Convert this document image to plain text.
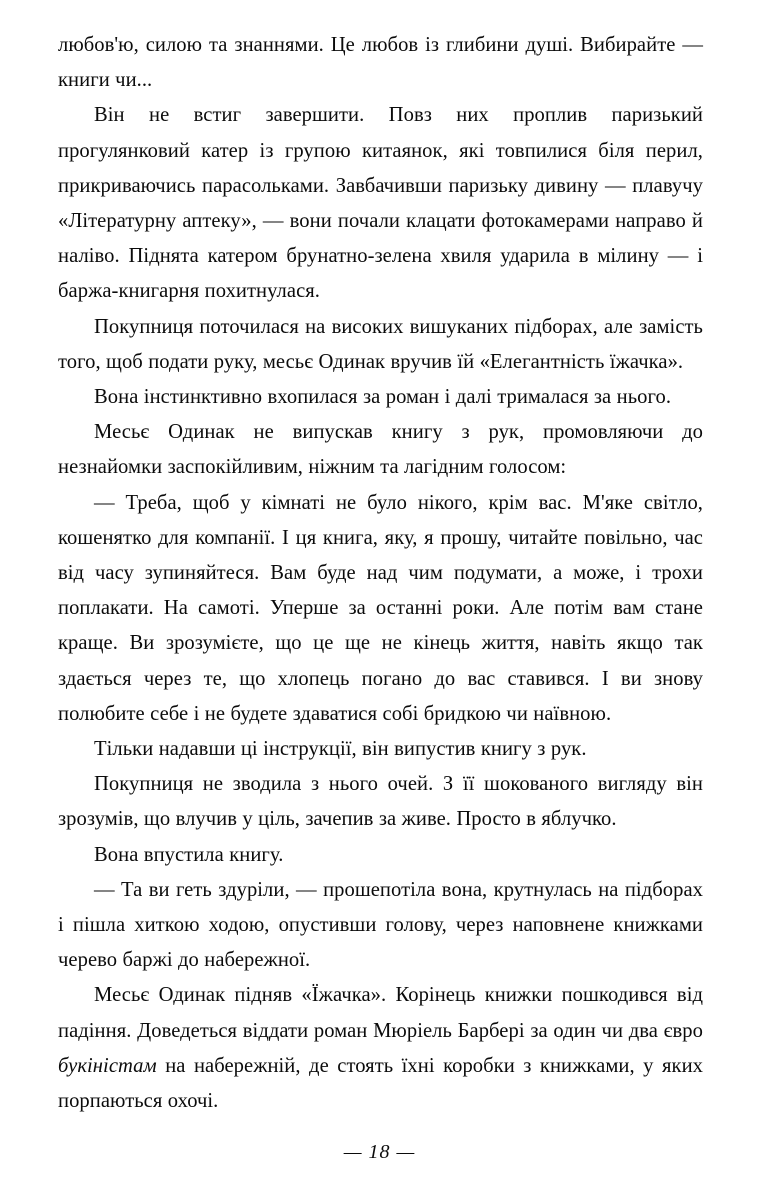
любов'ю, силою та знаннями. Це любов із глибини душі. Вибирайте — книги чи...

Він не встиг завершити. Повз них проплив паризький прогулянковий катер із групою китаянок, які товпилися біля перил, прикриваючись парасольками. Завбачивши паризьку дивину — плавучу «Літературну аптеку», — вони почали клацати фотокамерами направо й наліво. Піднята катером брунатно-зелена хвиля ударила в мілину — і баржа-книгарня похитнулася.

Покупниця поточилася на високих вишуканих підборах, але замість того, щоб подати руку, месьє Одинак вручив їй «Елегантність їжачка».

Вона інстинктивно вхопилася за роман і далі трималася за нього.

Месьє Одинак не випускав книгу з рук, промовляючи до незнайомки заспокійливим, ніжним та лагідним голосом:

— Треба, щоб у кімнаті не було нікого, крім вас. М'яке світло, кошенятко для компанії. І ця книга, яку, я прошу, читайте повільно, час від часу зупиняйтеся. Вам буде над чим подумати, а може, і трохи поплакати. На самоті. Уперше за останні роки. Але потім вам стане краще. Ви зрозумієте, що це ще не кінець життя, навіть якщо так здається через те, що хлопець погано до вас ставився. І ви знову полюбите себе і не будете здаватися собі бридкою чи наївною.

Тільки надавши ці інструкції, він випустив книгу з рук.

Покупниця не зводила з нього очей. З її шокованого вигляду він зрозумів, що влучив у ціль, зачепив за живе. Просто в яблучко.

Вона впустила книгу.

— Та ви геть здуріли, — прошепотіла вона, крутнулась на підборах і пішла хиткою ходою, опустивши голову, через наповнене книжками черево баржі до набережної.

Месьє Одинак підняв «Їжачка». Корінець книжки пошкодився від падіння. Доведеться віддати роман Мюріель Барбері за один чи два євро букіністам на набережній, де стоять їхні коробки з книжками, у яких порпаються охочі.

— 18 —
